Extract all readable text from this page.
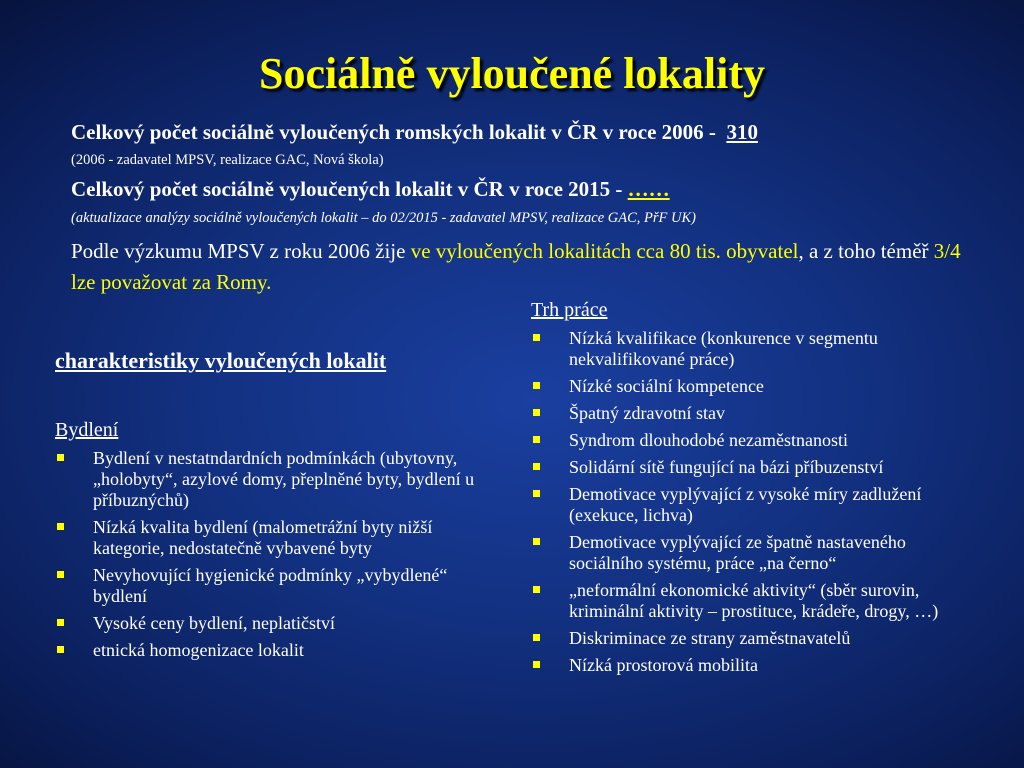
Sociálně vyloučené lokality
Celkový počet sociálně vyloučených romských lokalit v ČR v roce 2006 - 310
(2006 - zadavatel MPSV, realizace GAC, Nová škola)
Celkový počet sociálně vyloučených lokalit v ČR v roce 2015 - ……
(aktualizace analýzy sociálně vyloučených lokalit – do 02/2015 - zadavatel MPSV, realizace GAC, PřF UK)
Podle výzkumu MPSV z roku 2006 žije ve vyloučených lokalitách cca 80 tis. obyvatel, a z toho téměř 3/4 lze považovat za Romy.
charakteristiky vyloučených lokalit
Bydlení
Bydlení v nestatndardních podmínkách (ubytovny, „holobyty“, azylové domy, přeplněné byty, bydlení u příbuznýchů)
Nízká kvalita bydlení (malometrážní byty nižší kategorie, nedostatečně vybavené byty
Nevyhovující hygienické podmínky „vybydlené“ bydlení
Vysoké ceny bydlení, neplatičství
etnická homogenizace lokalit
Trh práce
Nízká kvalifikace (konkurence v segmentu nekvalifikované práce)
Nízké sociální kompetence
Špatný zdravotní stav
Syndrom dlouhodobé nezaměstnanosti
Solidární sítě fungující na bázi příbuzenství
Demotivace vyplývající z vysoké míry zadlužení (exekuce, lichva)
Demotivace vyplývající ze špatně nastaveného sociálního systému, práce „na černo“
„neformální ekonomické aktivity“ (sběr surovin, kriminální aktivity – prostituce, krádeře, drogy, …)
Diskriminace ze strany zaměstnavatelů
Nízká prostorová mobilita
